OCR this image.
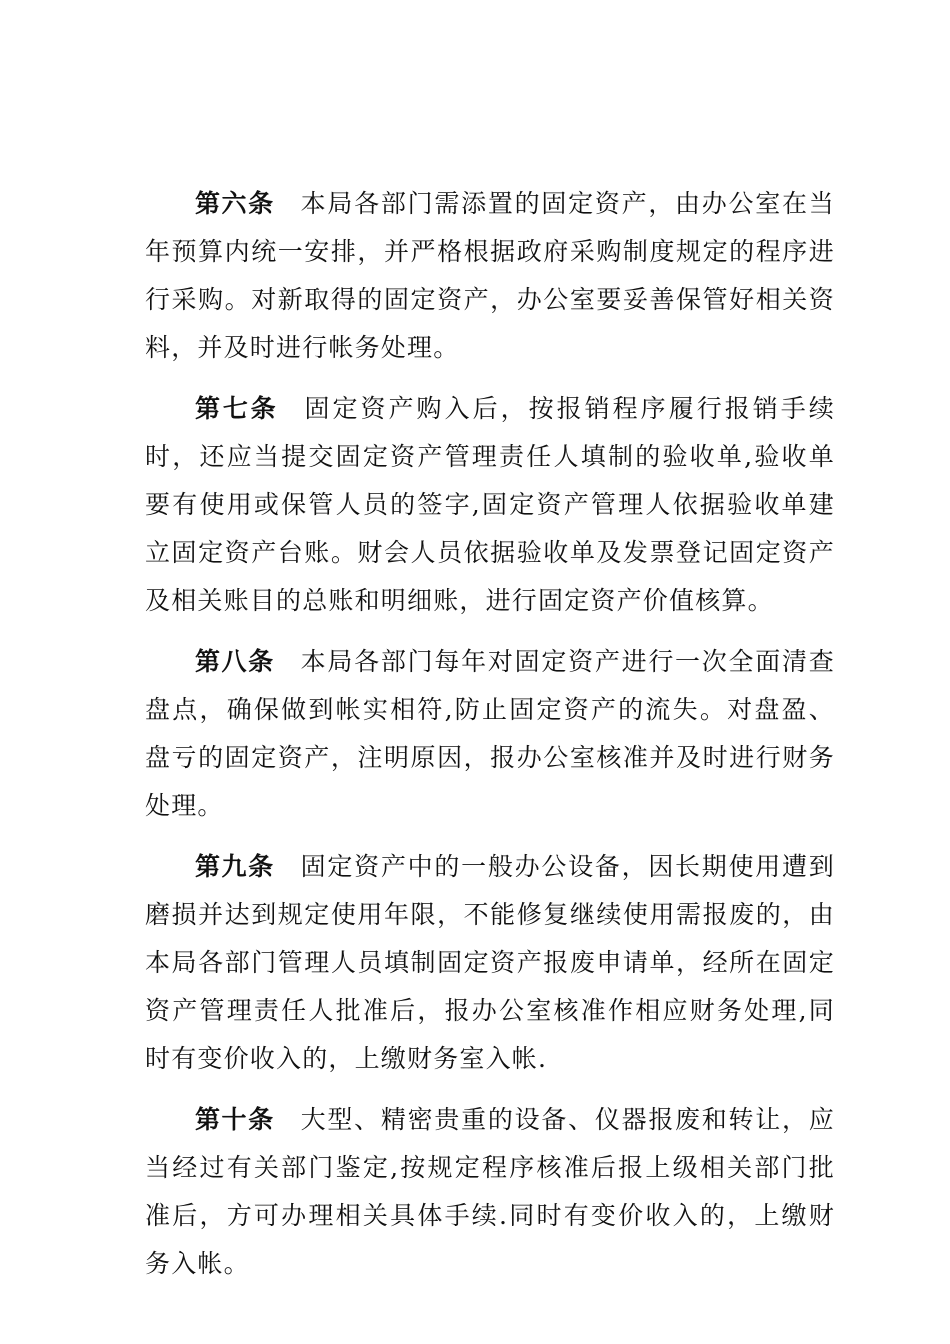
第六条 本局各部门需添置的固定资产，由办公室在当年预算内统一安排，并严格根据政府采购制度规定的程序进行采购。对新取得的固定资产，办公室要妥善保管好相关资料，并及时进行帐务处理。

第七条 固定资产购入后，按报销程序履行报销手续时，还应当提交固定资产管理责任人填制的验收单,验收单要有使用或保管人员的签字,固定资产管理人依据验收单建立固定资产台账。财会人员依据验收单及发票登记固定资产及相关账目的总账和明细账，进行固定资产价值核算。

第八条 本局各部门每年对固定资产进行一次全面清查盘点，确保做到帐实相符,防止固定资产的流失。对盘盈、盘亏的固定资产，注明原因，报办公室核准并及时进行财务处理。

第九条 固定资产中的一般办公设备，因长期使用遭到磨损并达到规定使用年限，不能修复继续使用需报废的，由本局各部门管理人员填制固定资产报废申请单，经所在固定资产管理责任人批准后，报办公室核准作相应财务处理,同时有变价收入的，上缴财务室入帐.

第十条 大型、精密贵重的设备、仪器报废和转让，应当经过有关部门鉴定,按规定程序核准后报上级相关部门批准后，方可办理相关具体手续.同时有变价收入的，上缴财务入帐。
